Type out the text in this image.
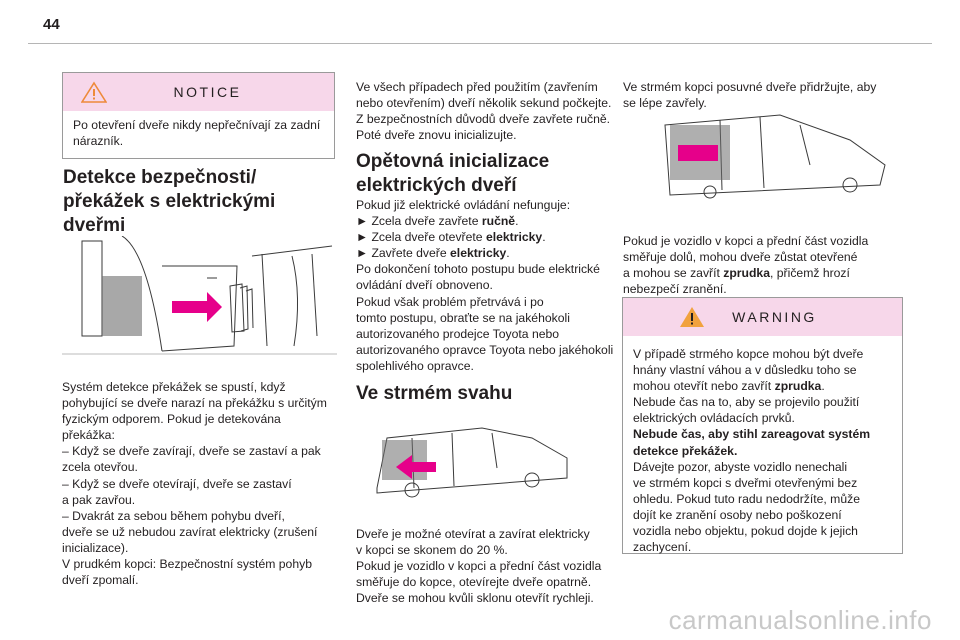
44
NOTICE

Po otevření dveře nikdy nepřečnívají za zadní nárazník.

Detekce bezpečnosti/
překážek s elektrickými
dveřmi

Systém detekce překážek se spustí, když

pohybující se dveře narazí na překážku s určitým

fyzickým odporem. Pokud je detekována

překážka:

– Když se dveře zavírají, dveře se zastaví a pak

zcela otevřou.

– Když se dveře otevírají, dveře se zastaví

a pak zavřou.

– Dvakrát za sebou během pohybu dveří,

dveře se už nebudou zavírat elektricky (zrušení

inicializace).

V prudkém kopci: Bezpečnostní systém pohyb

dveří zpomalí.

Ve všech případech před použitím (zavřením

nebo otevřením) dveří několik sekund počkejte.

Z bezpečnostních důvodů dveře zavřete ručně.

Poté dveře znovu inicializujte.

Opětovná inicializace
elektrických dveří

Pokud již elektrické ovládání nefunguje:

► Zcela dveře zavřete ručně.

► Zcela dveře otevřete elektricky.

► Zavřete dveře elektricky.

Po dokončení tohoto postupu bude elektrické

ovládání dveří obnoveno.

Pokud však problém přetrvává i po

tomto postupu, obraťte se na jakéhokoli

autorizovaného prodejce Toyota nebo

autorizovaného opravce Toyota nebo jakéhokoli

spolehlivého opravce.

Ve strmém svahu

Dveře je možné otevírat a zavírat elektricky

v kopci se skonem do 20 %.

Pokud je vozidlo v kopci a přední část vozidla

směřuje do kopce, otevírejte dveře opatrně.

Dveře se mohou kvůli sklonu otevřít rychleji.

Ve strmém kopci posuvné dveře přidržujte, aby

se lépe zavřely.

Pokud je vozidlo v kopci a přední část vozidla

směřuje dolů, mohou dveře zůstat otevřené

a mohou se zavřít zprudka, přičemž hrozí

nebezpečí zranění.

WARNING

V případě strmého kopce mohou být dveře

hnány vlastní váhou a v důsledku toho se

mohou otevřít nebo zavřít zprudka.

Nebude čas na to, aby se projevilo použití

elektrických ovládacích prvků.

Nebude čas, aby stihl zareagovat systém

detekce překážek.

Dávejte pozor, abyste vozidlo nenechali

ve strmém kopci s dveřmi otevřenými bez

ohledu. Pokud tuto radu nedodržíte, může

dojít ke zranění osoby nebo poškození

vozidla nebo objektu, pokud dojde k jejich

zachycení.

carmanualsonline.info
